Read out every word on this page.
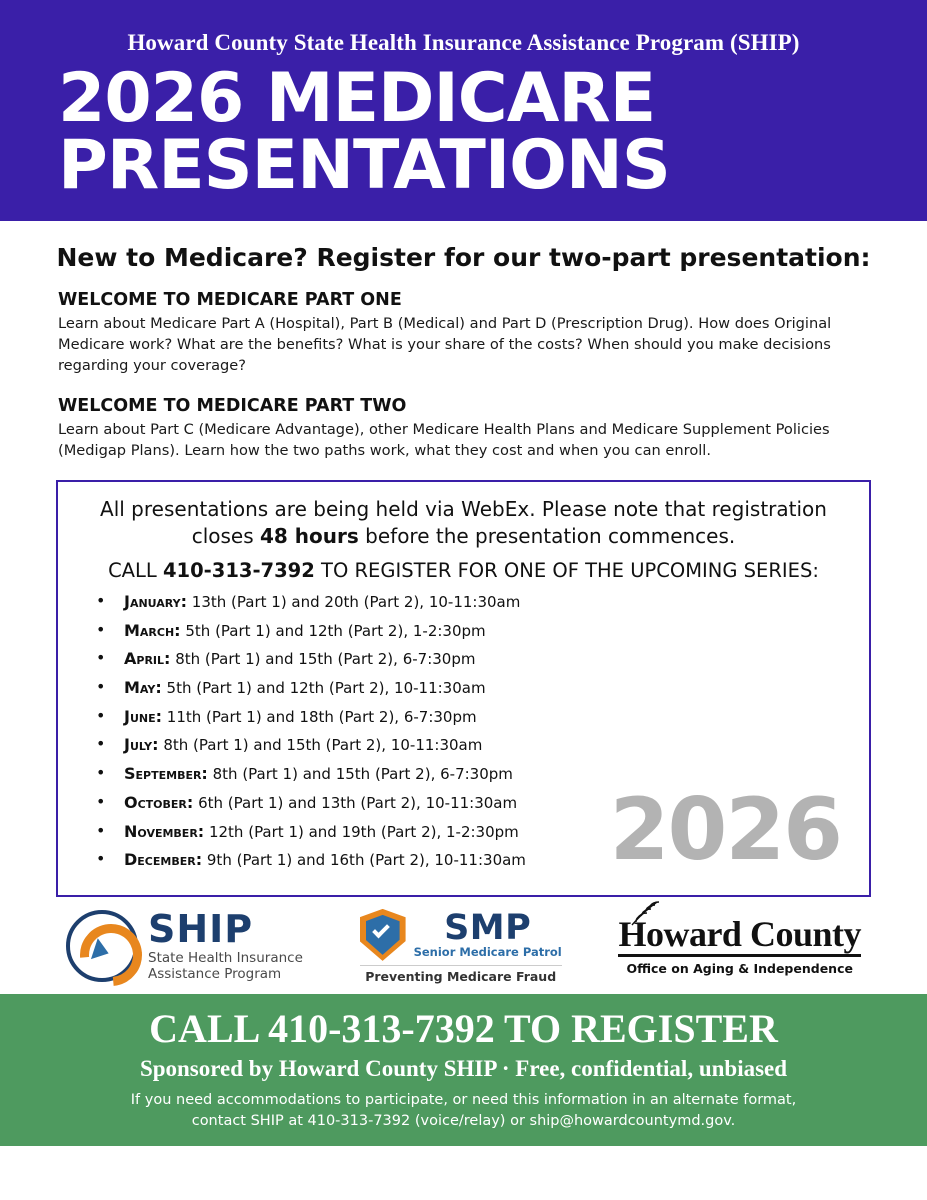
Howard County State Health Insurance Assistance Program (SHIP)
2026 MEDICARE
PRESENTATIONS
New to Medicare? Register for our two-part presentation:
WELCOME TO MEDICARE PART ONE
Learn about Medicare Part A (Hospital), Part B (Medical) and Part D (Prescription Drug). How does Original Medicare work? What are the benefits? What is your share of the costs? When should you make decisions regarding your coverage?
WELCOME TO MEDICARE PART TWO
Learn about Part C (Medicare Advantage), other Medicare Health Plans and Medicare Supplement Policies (Medigap Plans). Learn how the two paths work, what they cost and when you can enroll.
2026

All presentations are being held via WebEx. Please note that registration closes 48 hours before the presentation commences.

CALL 410-313-7392 TO REGISTER FOR ONE OF THE UPCOMING SERIES:

• January: 13th (Part 1) and 20th (Part 2), 10-11:30am
• March: 5th (Part 1) and 12th (Part 2), 1-2:30pm
• April: 8th (Part 1) and 15th (Part 2), 6-7:30pm
• May: 5th (Part 1) and 12th (Part 2), 10-11:30am
• June: 11th (Part 1) and 18th (Part 2), 6-7:30pm
• July: 8th (Part 1) and 15th (Part 2), 10-11:30am
• September: 8th (Part 1) and 15th (Part 2), 6-7:30pm
• October: 6th (Part 1) and 13th (Part 2), 10-11:30am
• November: 12th (Part 1) and 19th (Part 2), 1-2:30pm
• December: 9th (Part 1) and 16th (Part 2), 10-11:30am
SHIP
State Health Insurance
Assistance Program
SMP
Senior Medicare Patrol
Preventing Medicare Fraud
Howard County
Office on Aging & Independence
CALL 410-313-7392 TO REGISTER
Sponsored by Howard County SHIP · Free, confidential, unbiased
If you need accommodations to participate, or need this information in an alternate format,
contact SHIP at 410-313-7392 (voice/relay) or ship@howardcountymd.gov.
